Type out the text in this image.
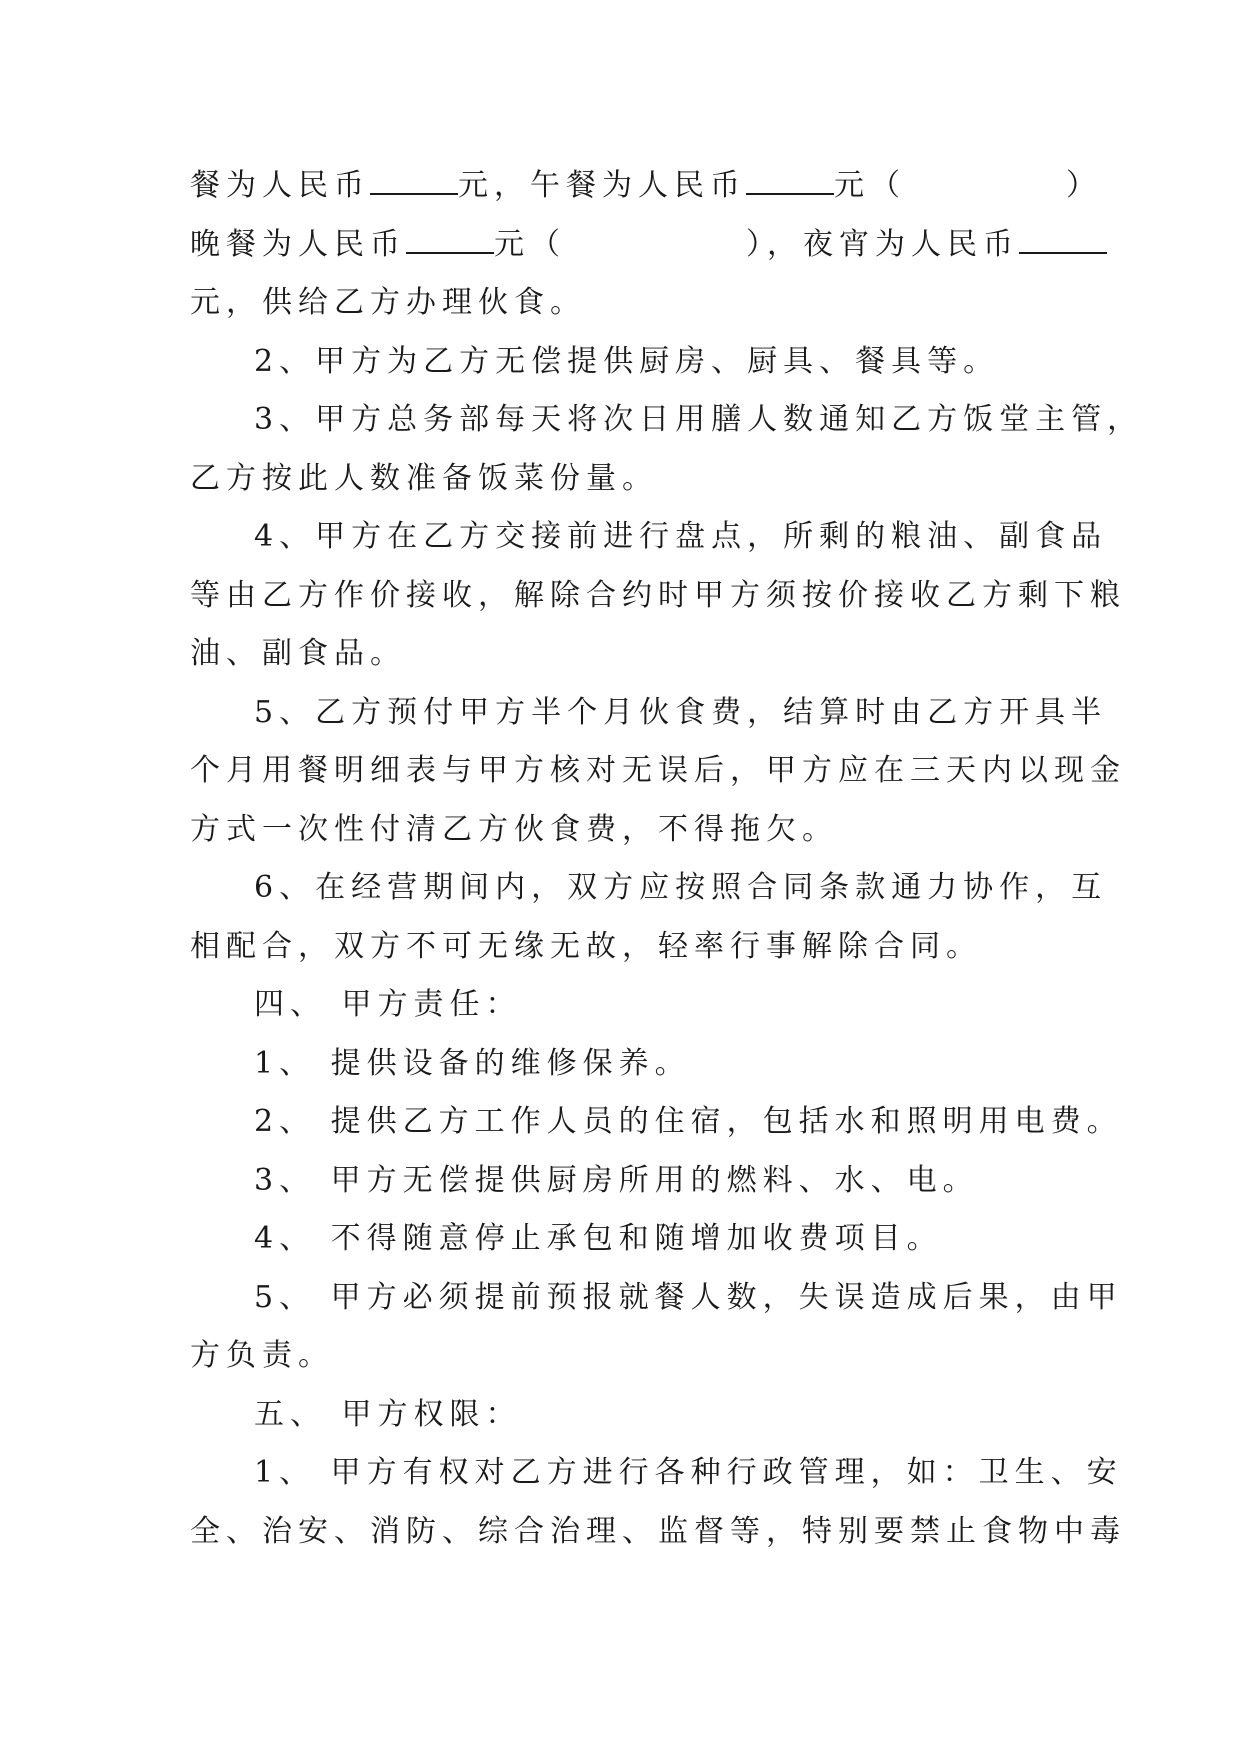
餐为人民币	元，午餐为人民币	元（	）
晚餐为人民币	元（	），夜宵为人民币
元，供给乙方办理伙食。
2、甲方为乙方无偿提供厨房、厨具、餐具等。
3、甲方总务部每天将次日用膳人数通知乙方饭堂主管，
乙方按此人数准备饭菜份量。
4、甲方在乙方交接前进行盘点，所剩的粮油、副食品
等由乙方作价接收，解除合约时甲方须按价接收乙方剩下粮
油、副食品。
5、乙方预付甲方半个月伙食费，结算时由乙方开具半
个月用餐明细表与甲方核对无误后，甲方应在三天内以现金
方式一次性付清乙方伙食费，不得拖欠。
6、在经营期间内，双方应按照合同条款通力协作，互
相配合，双方不可无缘无故，轻率行事解除合同。
四、 甲方责任：
1、 提供设备的维修保养。
2、 提供乙方工作人员的住宿，包括水和照明用电费。
3、 甲方无偿提供厨房所用的燃料、水、电。
4、 不得随意停止承包和随增加收费项目。
5、 甲方必须提前预报就餐人数，失误造成后果，由甲
方负责。
五、 甲方权限：
1、 甲方有权对乙方进行各种行政管理，如：卫生、安
全、治安、消防、综合治理、监督等，特别要禁止食物中毒
